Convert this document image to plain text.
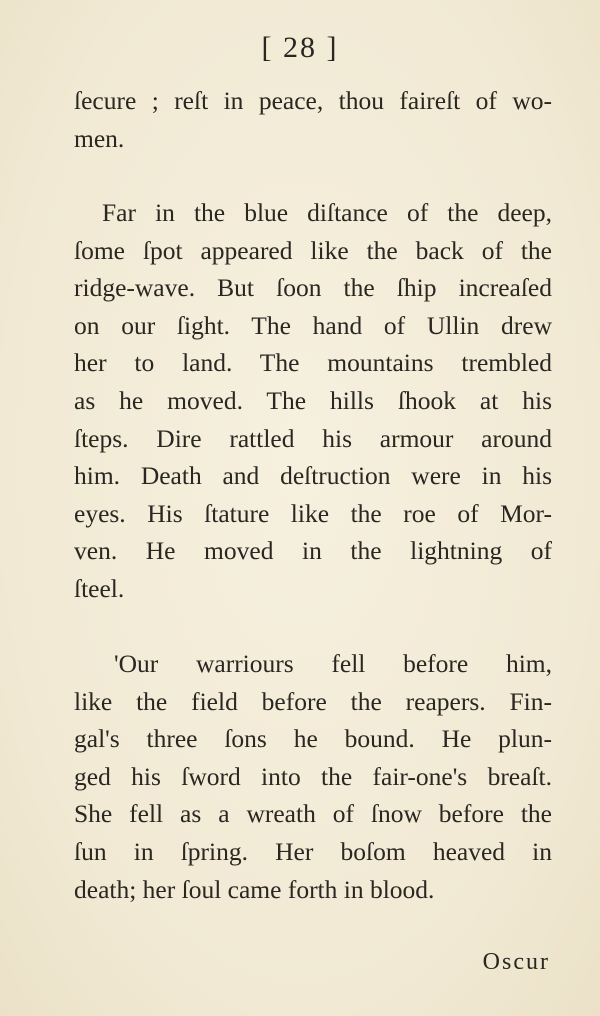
[ 28 ]
ſecure ; reſt in peace, thou faireſt of wo-
men.
Far in the blue diſtance of the deep,
ſome ſpot appeared like the back of the
ridge-wave. But ſoon the ſhip increaſed
on our ſight. The hand of Ullin drew
her to land. The mountains trembled
as he moved. The hills ſhook at his
ſteps. Dire rattled his armour around
him. Death and deſtruction were in his
eyes. His ſtature like the roe of Mor-
ven. He moved in the lightning of
ſteel.
'Our warriours fell before him,
like the field before the reapers. Fin-
gal's three ſons he bound. He plun-
ged his ſword into the fair-one's breaſt.
She fell as a wreath of ſnow before the
ſun in ſpring. Her boſom heaved in
death; her ſoul came forth in blood.
Oscur
